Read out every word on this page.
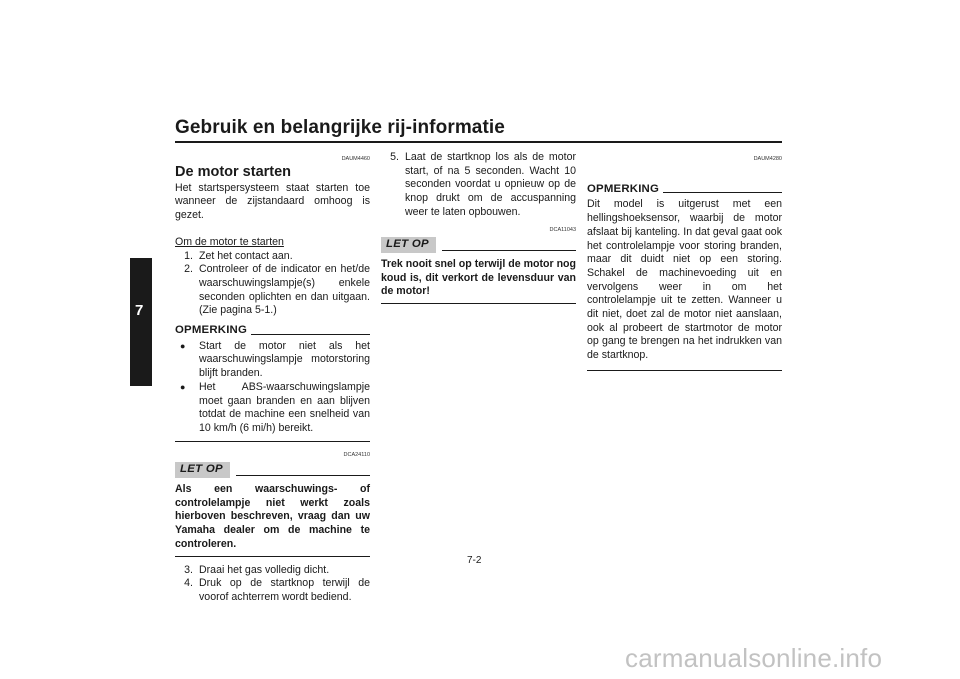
Gebruik en belangrijke rij-informatie
7
DAUM4460
De motor starten

Het startspersysteem staat starten toe wanneer de zijstandaard omhoog is gezet.

Om de motor te starten

1. Zet het contact aan.
2. Controleer of de indicator en het/de waarschuwingslampje(s) enkele seconden oplichten en dan uitgaan. (Zie pagina 5-1.)
OPMERKING
●	Start de motor niet als het waarschuwingslampje motorstoring blijft branden.
●	Het ABS-waarschuwingslampje moet gaan branden en aan blijven totdat de machine een snelheid van 10 km/h (6 mi/h) bereikt.
DCA24110
LET OP

Als een waarschuwings- of controlelampje niet werkt zoals hierboven beschreven, vraag dan uw Yamaha dealer om de machine te controleren.

3. Draai het gas volledig dicht.
4. Druk op de startknop terwijl de voorof achterrem wordt bediend.
5. Laat de startknop los als de motor start, of na 5 seconden. Wacht 10 seconden voordat u opnieuw op de knop drukt om de accuspanning weer te laten opbouwen.
DCA11043
LET OP

Trek nooit snel op terwijl de motor nog koud is, dit verkort de levensduur van de motor!

DAUM4280
OPMERKING

Dit model is uitgerust met een hellingshoeksensor, waarbij de motor afslaat bij kanteling. In dat geval gaat ook het controlelampje voor storing branden, maar dit duidt niet op een storing. Schakel de machinevoeding uit en vervolgens weer in om het controlelampje uit te zetten. Wanneer u dit niet, doet zal de motor niet aanslaan, ook al probeert de startmotor de motor op gang te brengen na het indrukken van de startknop.

7-2
carmanualsonline.info
